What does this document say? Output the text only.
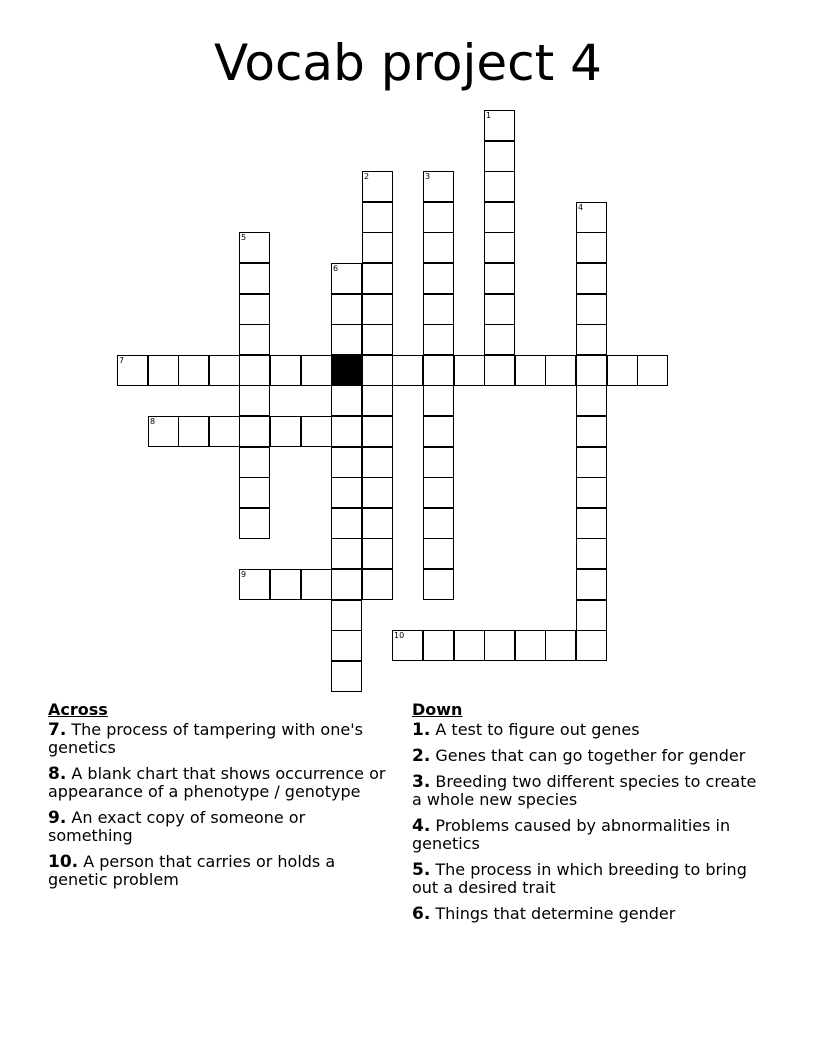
Vocab project 4
1
2	3
4
5
6
7
8
9
10
Across
7. The process of tampering with one's genetics
8. A blank chart that shows occurrence or appearance of a phenotype / genotype
9. An exact copy of someone or something
10. A person that carries or holds a genetic problem
Down
1. A test to figure out genes
2. Genes that can go together for gender
3. Breeding two different species to create a whole new species
4. Problems caused by abnormalities in genetics
5. The process in which breeding to bring out a desired trait
6. Things that determine gender
